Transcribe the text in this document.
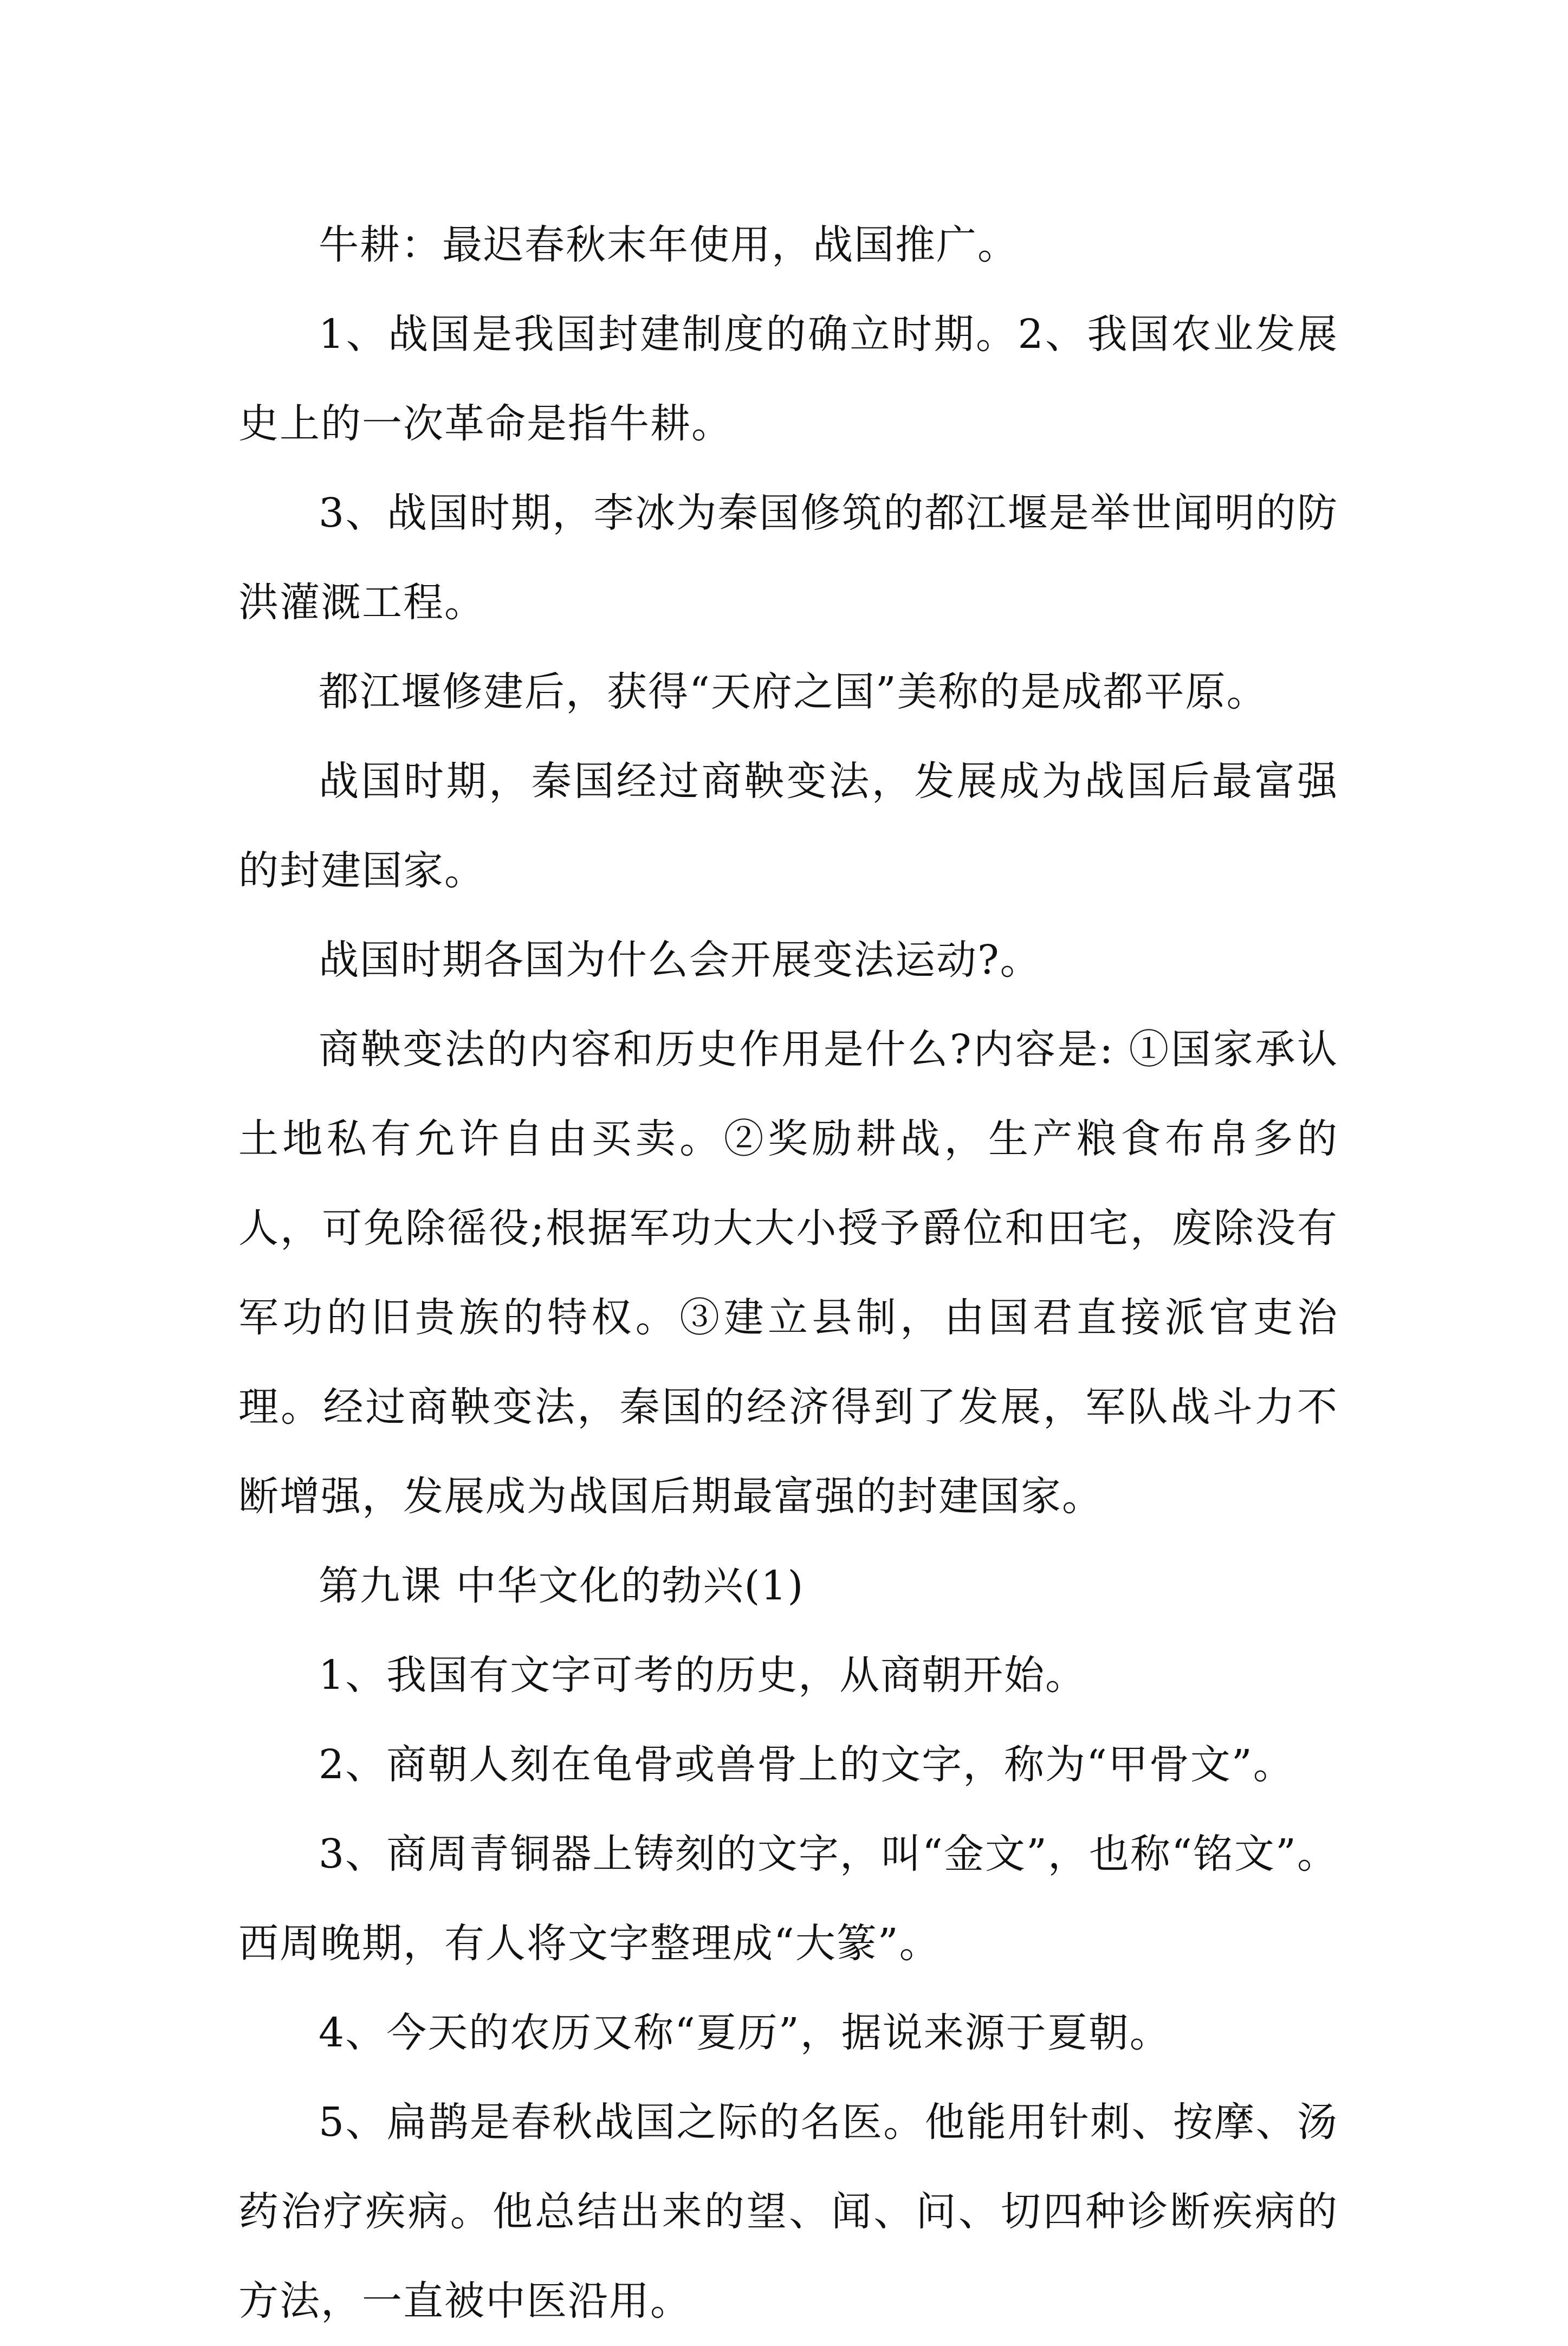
牛耕：最迟春秋末年使用，战国推广。

1、战国是我国封建制度的确立时期。2、我国农业发展史上的一次革命是指牛耕。

3、战国时期，李冰为秦国修筑的都江堰是举世闻明的防洪灌溉工程。

都江堰修建后，获得“天府之国”美称的是成都平原。

战国时期，秦国经过商鞅变法，发展成为战国后最富强的封建国家。

战国时期各国为什么会开展变法运动?。

商鞅变法的内容和历史作用是什么?内容是: ①国家承认土地私有允许自由买卖。②奖励耕战，生产粮食布帛多的人，可免除徭役;根据军功大大小授予爵位和田宅，废除没有军功的旧贵族的特权。③建立县制，由国君直接派官吏治理。经过商鞅变法，秦国的经济得到了发展，军队战斗力不断增强，发展成为战国后期最富强的封建国家。

第九课 中华文化的勃兴(1)

1、我国有文字可考的历史，从商朝开始。

2、商朝人刻在龟骨或兽骨上的文字，称为“甲骨文”。

3、商周青铜器上铸刻的文字，叫“金文”，也称“铭文”。西周晚期，有人将文字整理成“大篆”。

4、今天的农历又称“夏历”，据说来源于夏朝。

5、扁鹊是春秋战国之际的名医。他能用针刺、按摩、汤药治疗疾病。他总结出来的望、闻、问、切四种诊断疾病的方法，一直被中医沿用。
